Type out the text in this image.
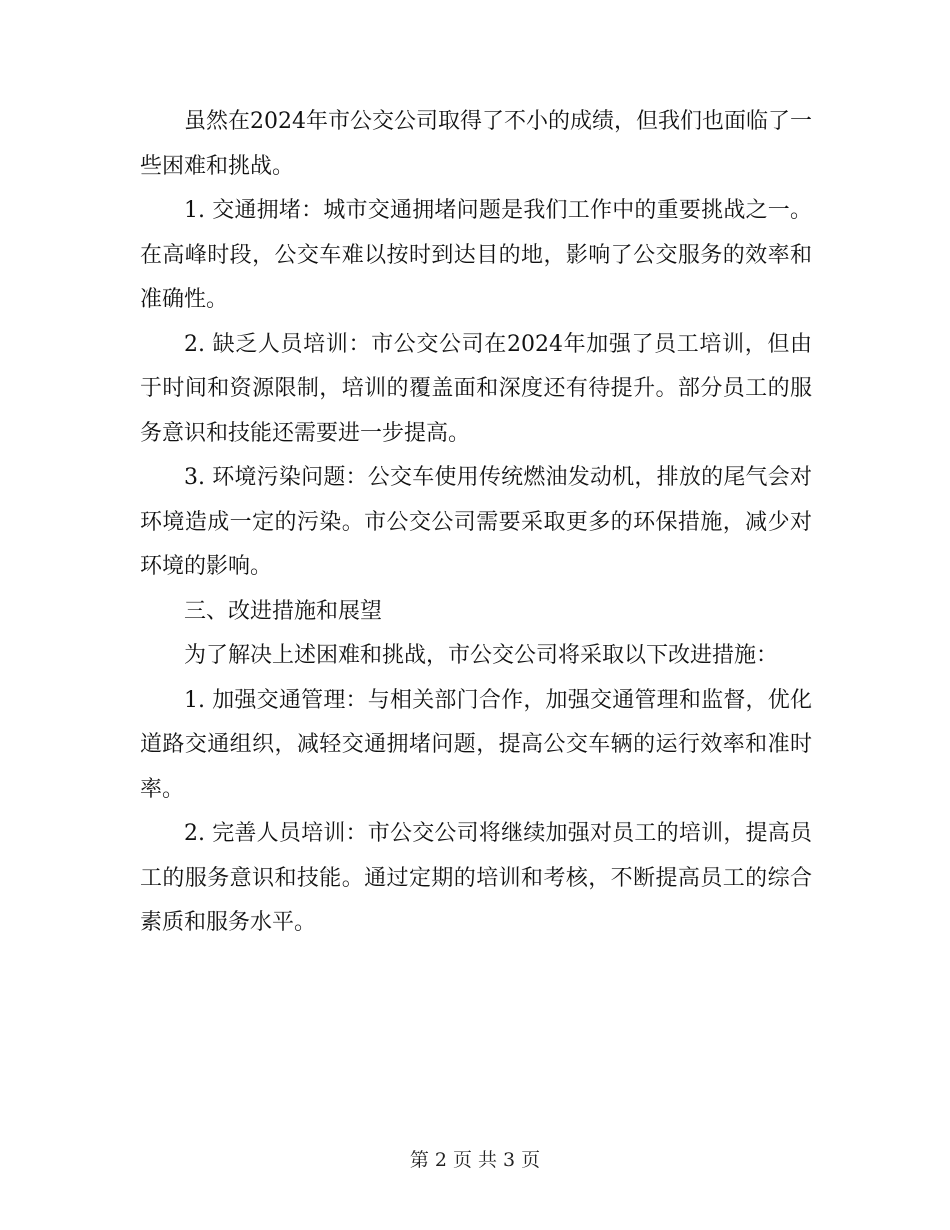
虽然在2024年市公交公司取得了不小的成绩，但我们也面临了一些困难和挑战。

1. 交通拥堵：城市交通拥堵问题是我们工作中的重要挑战之一。在高峰时段，公交车难以按时到达目的地，影响了公交服务的效率和准确性。

2. 缺乏人员培训：市公交公司在2024年加强了员工培训，但由于时间和资源限制，培训的覆盖面和深度还有待提升。部分员工的服务意识和技能还需要进一步提高。

3. 环境污染问题：公交车使用传统燃油发动机，排放的尾气会对环境造成一定的污染。市公交公司需要采取更多的环保措施，减少对环境的影响。

三、改进措施和展望

为了解决上述困难和挑战，市公交公司将采取以下改进措施：

1. 加强交通管理：与相关部门合作，加强交通管理和监督，优化道路交通组织，减轻交通拥堵问题，提高公交车辆的运行效率和准时率。

2. 完善人员培训：市公交公司将继续加强对员工的培训，提高员工的服务意识和技能。通过定期的培训和考核，不断提高员工的综合素质和服务水平。

第 2 页 共 3 页
